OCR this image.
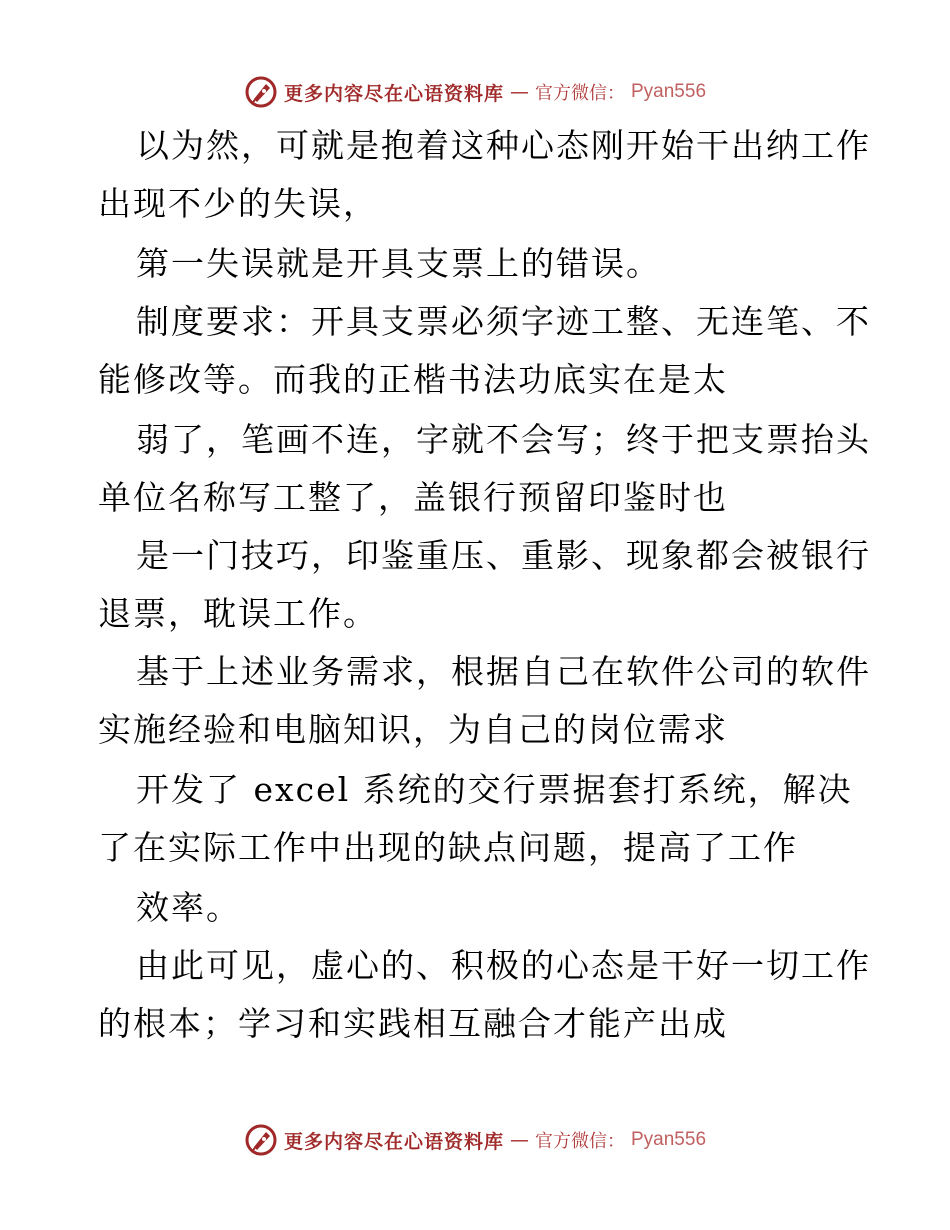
更多内容尽在心语资料库 — 官方微信： Pyan556
以为然，可就是抱着这种心态刚开始干出纳工作
出现不少的失误，
第一失误就是开具支票上的错误。
制度要求：开具支票必须字迹工整、无连笔、不
能修改等。而我的正楷书法功底实在是太
弱了，笔画不连，字就不会写；终于把支票抬头
单位名称写工整了，盖银行预留印鉴时也
是一门技巧，印鉴重压、重影、现象都会被银行
退票，耽误工作。
基于上述业务需求，根据自己在软件公司的软件
实施经验和电脑知识，为自己的岗位需求
开发了 excel 系统的交行票据套打系统，解决
了在实际工作中出现的缺点问题，提高了工作
效率。
由此可见，虚心的、积极的心态是干好一切工作
的根本；学习和实践相互融合才能产出成
更多内容尽在心语资料库 — 官方微信： Pyan556
